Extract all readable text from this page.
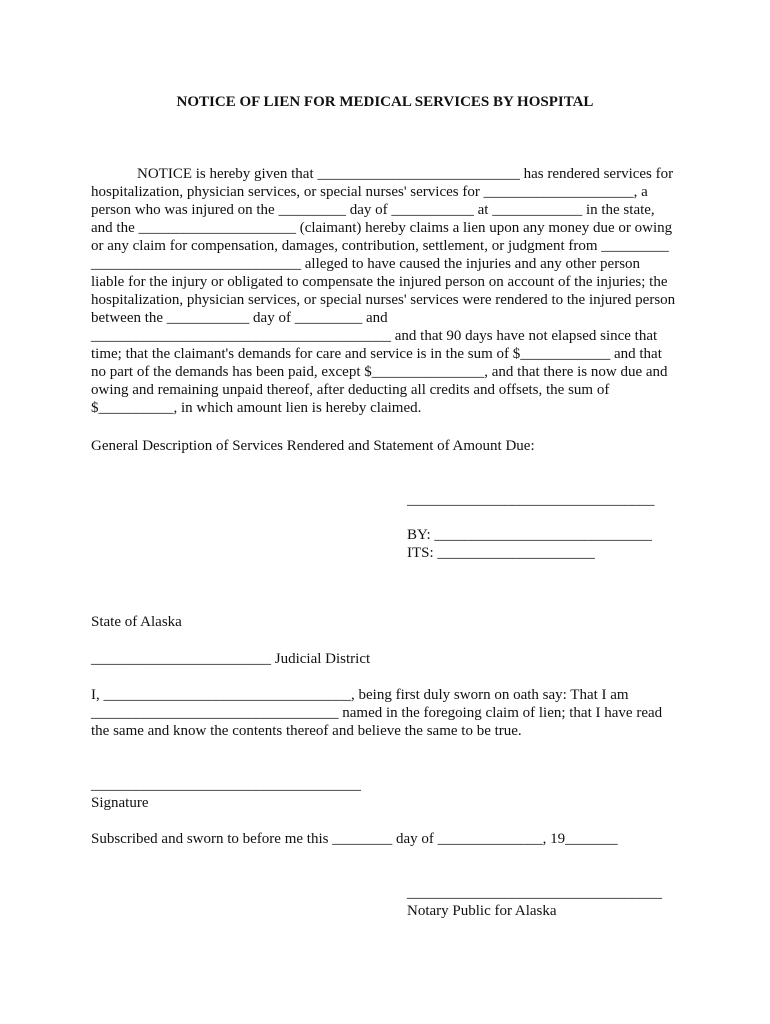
NOTICE OF LIEN FOR MEDICAL SERVICES BY HOSPITAL
NOTICE is hereby given that ___________________________ has rendered services for
hospitalization, physician services, or special nurses' services for ____________________, a
person who was injured on the _________ day of ___________ at ____________ in the state,
and the _____________________ (claimant) hereby claims a lien upon any money due or owing
or any claim for compensation, damages, contribution, settlement, or judgment from _________
____________________________ alleged to have caused the injuries and any other person
liable for the injury or obligated to compensate the injured person on account of the injuries; the
hospitalization, physician services, or special nurses' services were rendered to the injured person
between the ___________ day of _________ and
________________________________________ and that 90 days have not elapsed since that
time; that the claimant's demands for care and service is in the sum of $____________ and that
no part of the demands has been paid, except $_______________, and that there is now due and
owing and remaining unpaid thereof, after deducting all credits and offsets, the sum of
$__________, in which amount lien is hereby claimed.
General Description of Services Rendered and Statement of Amount Due:
_________________________________
BY: _____________________________
ITS: _____________________
State of Alaska
________________________ Judicial District
I, _________________________________, being first duly sworn on oath say: That I am
_________________________________ named in the foregoing claim of lien; that I have read
the same and know the contents thereof and believe the same to be true.
____________________________________
Signature
Subscribed and sworn to before me this ________ day of ______________, 19_______
__________________________________
Notary Public for Alaska
